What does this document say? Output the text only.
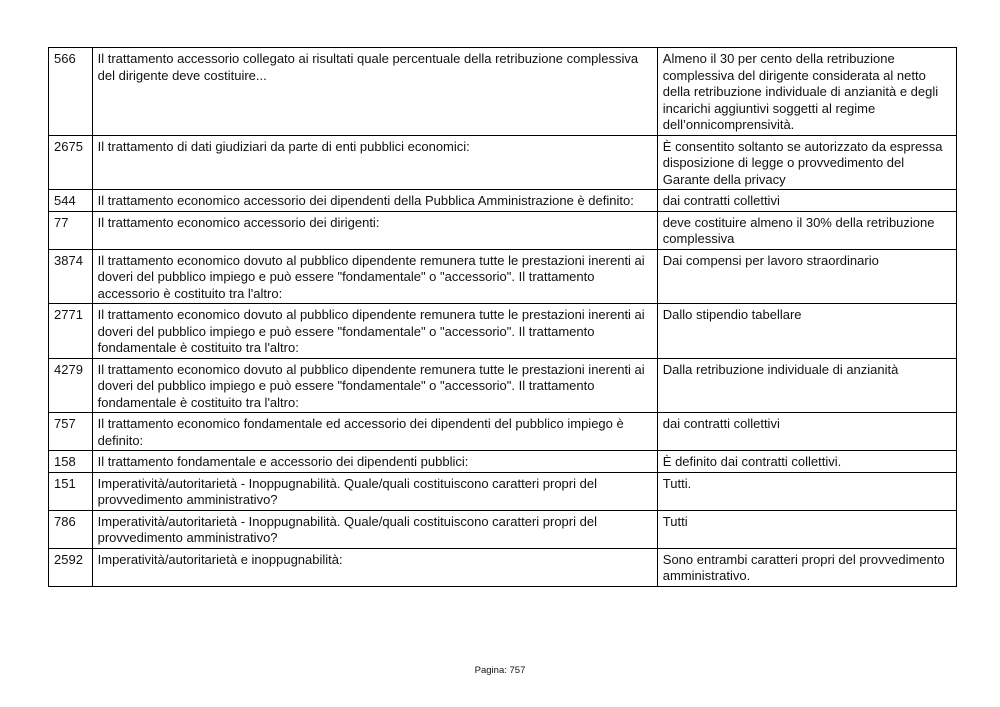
566	Il trattamento accessorio collegato ai risultati quale percentuale della retribuzione complessiva del dirigente deve costituire...	Almeno il 30 per cento della retribuzione complessiva del dirigente considerata al netto della retribuzione individuale di anzianità e degli incarichi aggiuntivi soggetti al regime dell’onnicomprensività.
2675	Il trattamento di dati giudiziari da parte di enti pubblici economici:	È consentito soltanto se autorizzato da espressa disposizione di legge o provvedimento del Garante della privacy
544	Il trattamento economico accessorio dei dipendenti della Pubblica Amministrazione è definito:	dai contratti collettivi
77	Il trattamento economico accessorio dei dirigenti:	deve costituire almeno il 30% della retribuzione complessiva
3874	Il trattamento economico dovuto al pubblico dipendente remunera tutte le prestazioni inerenti ai doveri del pubblico impiego e può essere "fondamentale" o "accessorio". Il trattamento accessorio è costituito tra l'altro:	Dai compensi per lavoro straordinario
2771	Il trattamento economico dovuto al pubblico dipendente remunera tutte le prestazioni inerenti ai doveri del pubblico impiego e può essere "fondamentale" o "accessorio". Il trattamento fondamentale è costituito tra l'altro:	Dallo stipendio tabellare
4279	Il trattamento economico dovuto al pubblico dipendente remunera tutte le prestazioni inerenti ai doveri del pubblico impiego e può essere "fondamentale" o "accessorio". Il trattamento fondamentale è costituito tra l'altro:	Dalla retribuzione individuale di anzianità
757	Il trattamento economico fondamentale ed accessorio dei dipendenti del pubblico impiego è definito:	dai contratti collettivi
158	Il trattamento fondamentale e accessorio dei dipendenti pubblici:	È definito dai contratti collettivi.
151	Imperatività/autoritarietà - Inoppugnabilità. Quale/quali costituiscono caratteri propri del provvedimento amministrativo?	Tutti.
786	Imperatività/autoritarietà - Inoppugnabilità. Quale/quali costituiscono caratteri propri del provvedimento amministrativo?	Tutti
2592	Imperatività/autoritarietà e inoppugnabilità:	Sono entrambi caratteri propri del provvedimento amministrativo.
Pagina: 757
